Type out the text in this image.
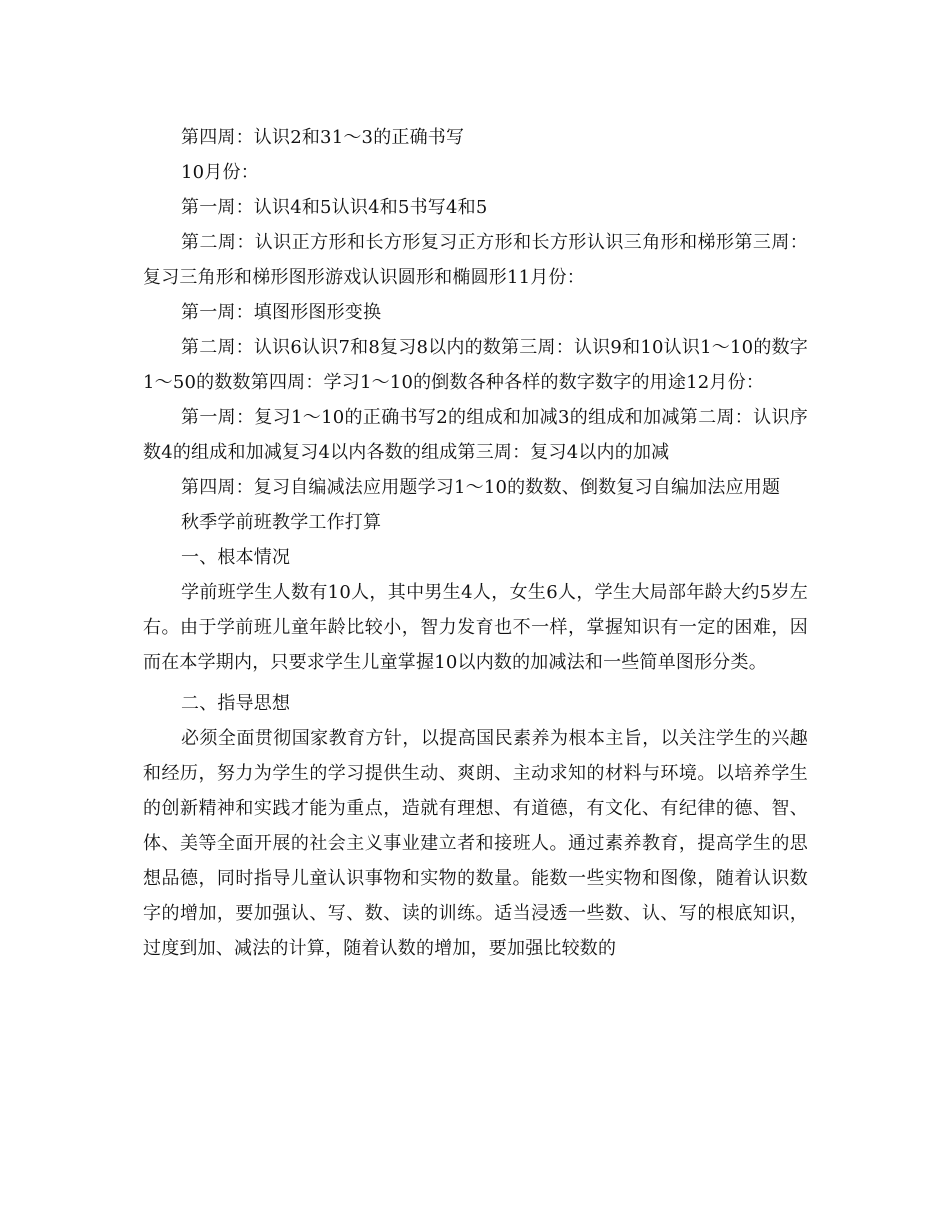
第四周：认识2和31～3的正确书写

10月份：

第一周：认识4和5认识4和5书写4和5

第二周：认识正方形和长方形复习正方形和长方形认识三角形和梯形第三周：复习三角形和梯形图形游戏认识圆形和椭圆形11月份：

第一周：填图形图形变换

第二周：认识6认识7和8复习8以内的数第三周：认识9和10认识1～10的数字1～50的数数第四周：学习1～10的倒数各种各样的数字数字的用途12月份：

第一周：复习1～10的正确书写2的组成和加减3的组成和加减第二周：认识序数4的组成和加减复习4以内各数的组成第三周：复习4以内的加减

第四周：复习自编减法应用题学习1～10的数数、倒数复习自编加法应用题

秋季学前班教学工作打算

一、根本情况

学前班学生人数有10人，其中男生4人，女生6人，学生大局部年龄大约5岁左右。由于学前班儿童年龄比较小，智力发育也不一样，掌握知识有一定的困难，因而在本学期内，只要求学生儿童掌握10以内数的加减法和一些简单图形分类。

二、指导思想

必须全面贯彻国家教育方针，以提高国民素养为根本主旨，以关注学生的兴趣和经历，努力为学生的学习提供生动、爽朗、主动求知的材料与环境。以培养学生的创新精神和实践才能为重点，造就有理想、有道德，有文化、有纪律的德、智、体、美等全面开展的社会主义事业建立者和接班人。通过素养教育，提高学生的思想品德，同时指导儿童认识事物和实物的数量。能数一些实物和图像，随着认识数字的增加，要加强认、写、数、读的训练。适当浸透一些数、认、写的根底知识，过度到加、减法的计算，随着认数的增加，要加强比较数的
